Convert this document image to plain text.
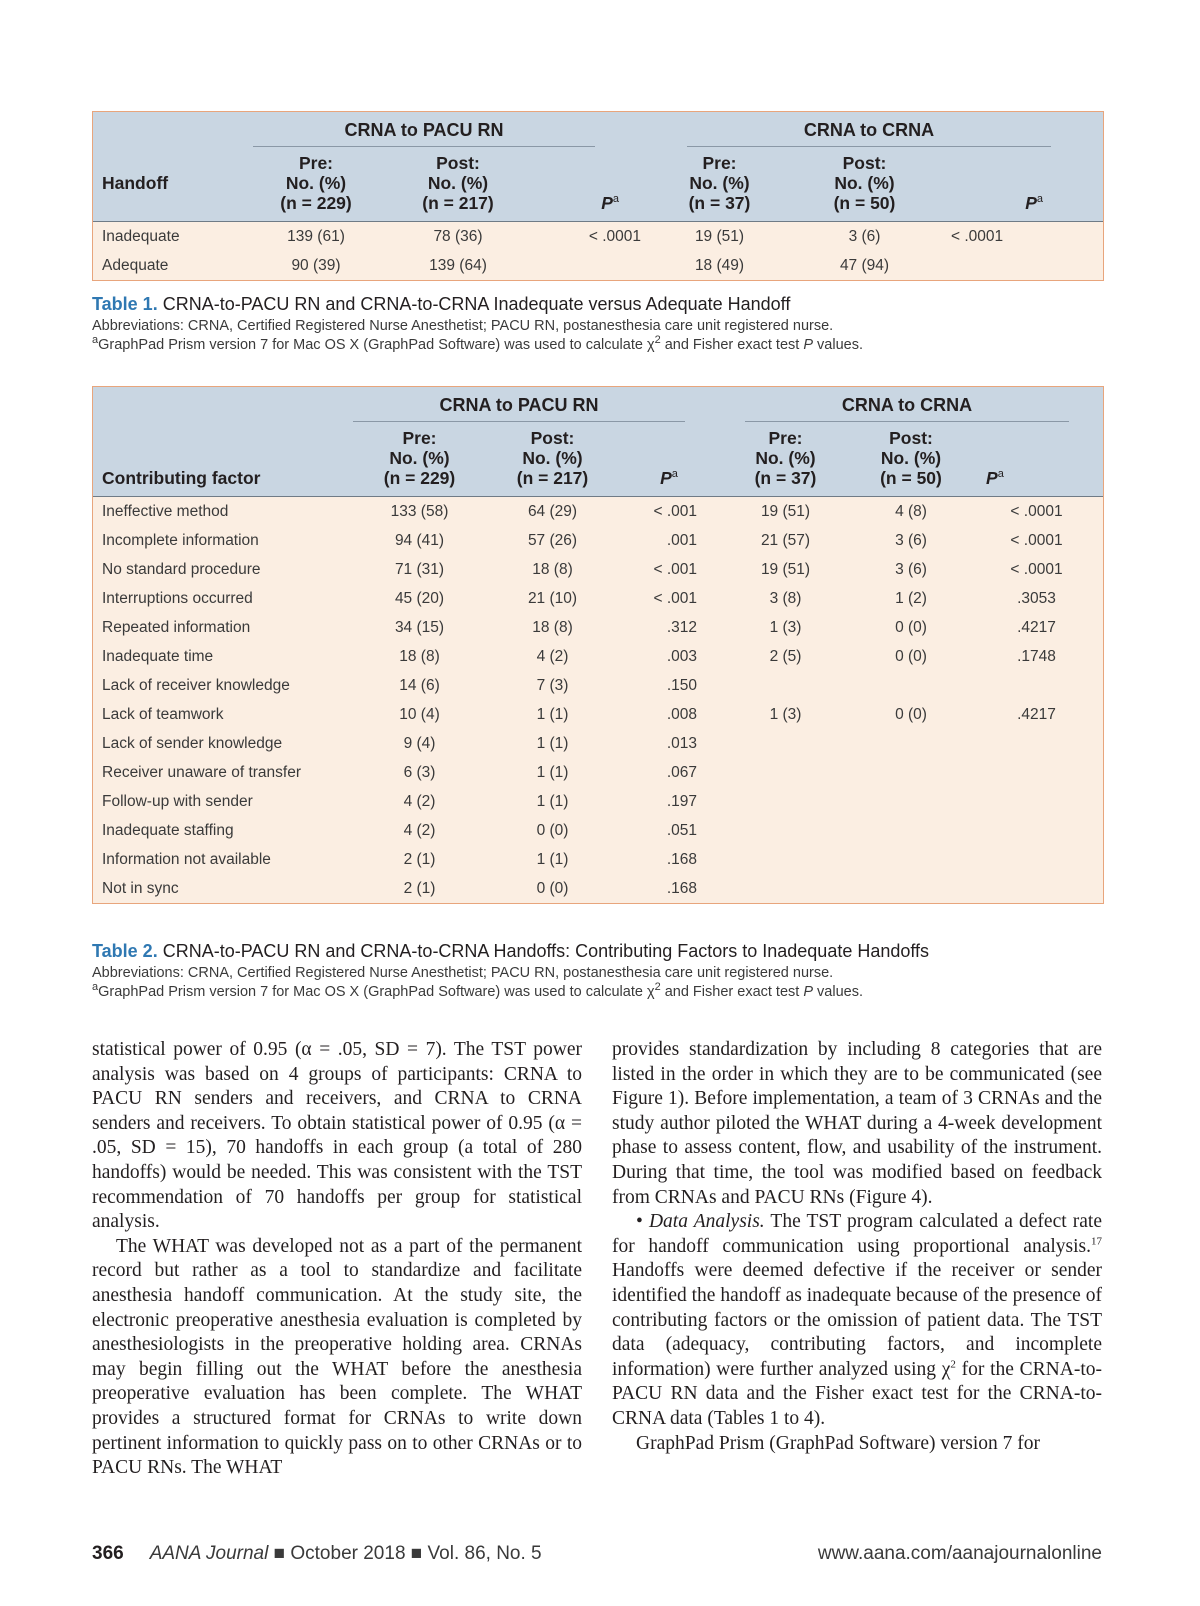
	CRNA to PACU RN			CRNA to CRNA		

Handoff	Pre:
No. (%)
(n = 229)	Post:
No. (%)
(n = 217)	$P^a$	Pre:
No. (%)
(n = 37)	Post:
No. (%)
(n = 50)	$P^a$
Inadequate	139 (61)	78 (36)	< .0001	19 (51)	3 (6)	< .0001
Adequate	90 (39)	139 (64)		18 (49)	47 (94)	
Table 1. CRNA-to-PACU RN and CRNA-to-CRNA Inadequate versus Adequate Handoff
Abbreviations: CRNA, Certified Registered Nurse Anesthetist; PACU RN, postanesthesia care unit registered nurse.
$^a$GraphPad Prism version 7 for Mac OS X (GraphPad Software) was used to calculate $\chi^2$ and Fisher exact test P values.

	CRNA to PACU RN			CRNA to CRNA		

Contributing factor	Pre:
No. (%)
(n = 229)	Post:
No. (%)
(n = 217)	$P^a$	Pre:
No. (%)
(n = 37)	Post:
No. (%)
(n = 50)	$P^a$
Ineffective method	133 (58)	64 (29)	< .001	19 (51)	4 (8)	< .0001
Incomplete information	94 (41)	57 (26)	.001	21 (57)	3 (6)	< .0001
No standard procedure	71 (31)	18 (8)	< .001	19 (51)	3 (6)	< .0001
Interruptions occurred	45 (20)	21 (10)	< .001	3 (8)	1 (2)	.3053
Repeated information	34 (15)	18 (8)	.312	1 (3)	0 (0)	.4217
Inadequate time	18 (8)	4 (2)	.003	2 (5)	0 (0)	.1748
Lack of receiver knowledge	14 (6)	7 (3)	.150			
Lack of teamwork	10 (4)	1 (1)	.008	1 (3)	0 (0)	.4217
Lack of sender knowledge	9 (4)	1 (1)	.013			
Receiver unaware of transfer	6 (3)	1 (1)	.067			
Follow-up with sender	4 (2)	1 (1)	.197			
Inadequate staffing	4 (2)	0 (0)	.051			
Information not available	2 (1)	1 (1)	.168			
Not in sync	2 (1)	0 (0)	.168			
Table 2. CRNA-to-PACU RN and CRNA-to-CRNA Handoffs: Contributing Factors to Inadequate Handoffs
Abbreviations: CRNA, Certified Registered Nurse Anesthetist; PACU RN, postanesthesia care unit registered nurse.
$^a$GraphPad Prism version 7 for Mac OS X (GraphPad Software) was used to calculate $\chi^2$ and Fisher exact test P values.

statistical power of 0.95 (α = .05, SD = 7). The TST power analysis was based on 4 groups of participants: CRNA to PACU RN senders and receivers, and CRNA to CRNA senders and receivers. To obtain statistical power of 0.95 (α = .05, SD = 15), 70 handoffs in each group (a total of 280 handoffs) would be needed. This was consistent with the TST recommendation of 70 handoffs per group for statistical analysis.

The WHAT was developed not as a part of the permanent record but rather as a tool to standardize and facilitate anesthesia handoff communication. At the study site, the electronic preoperative anesthesia evaluation is completed by anesthesiologists in the preoperative holding area. CRNAs may begin filling out the WHAT before the anesthesia preoperative evaluation has been complete. The WHAT provides a structured format for CRNAs to write down pertinent information to quickly pass on to other CRNAs or to PACU RNs. The WHAT

provides standardization by including 8 categories that are listed in the order in which they are to be communicated (see Figure 1). Before implementation, a team of 3 CRNAs and the study author piloted the WHAT during a 4-week development phase to assess content, flow, and usability of the instrument. During that time, the tool was modified based on feedback from CRNAs and PACU RNs (Figure 4).

• Data Analysis. The TST program calculated a defect rate for handoff communication using proportional analysis.$^{17}$ Handoffs were deemed defective if the receiver or sender identified the handoff as inadequate because of the presence of contributing factors or the omission of patient data. The TST data (adequacy, contributing factors, and incomplete information) were further analyzed using $\chi^2$ for the CRNA-to-PACU RN data and the Fisher exact test for the CRNA-to-CRNA data (Tables 1 to 4).

GraphPad Prism (GraphPad Software) version 7 for

366 AANA Journal ■ October 2018 ■ Vol. 86, No. 5	www.aana.com/aanajournalonline
